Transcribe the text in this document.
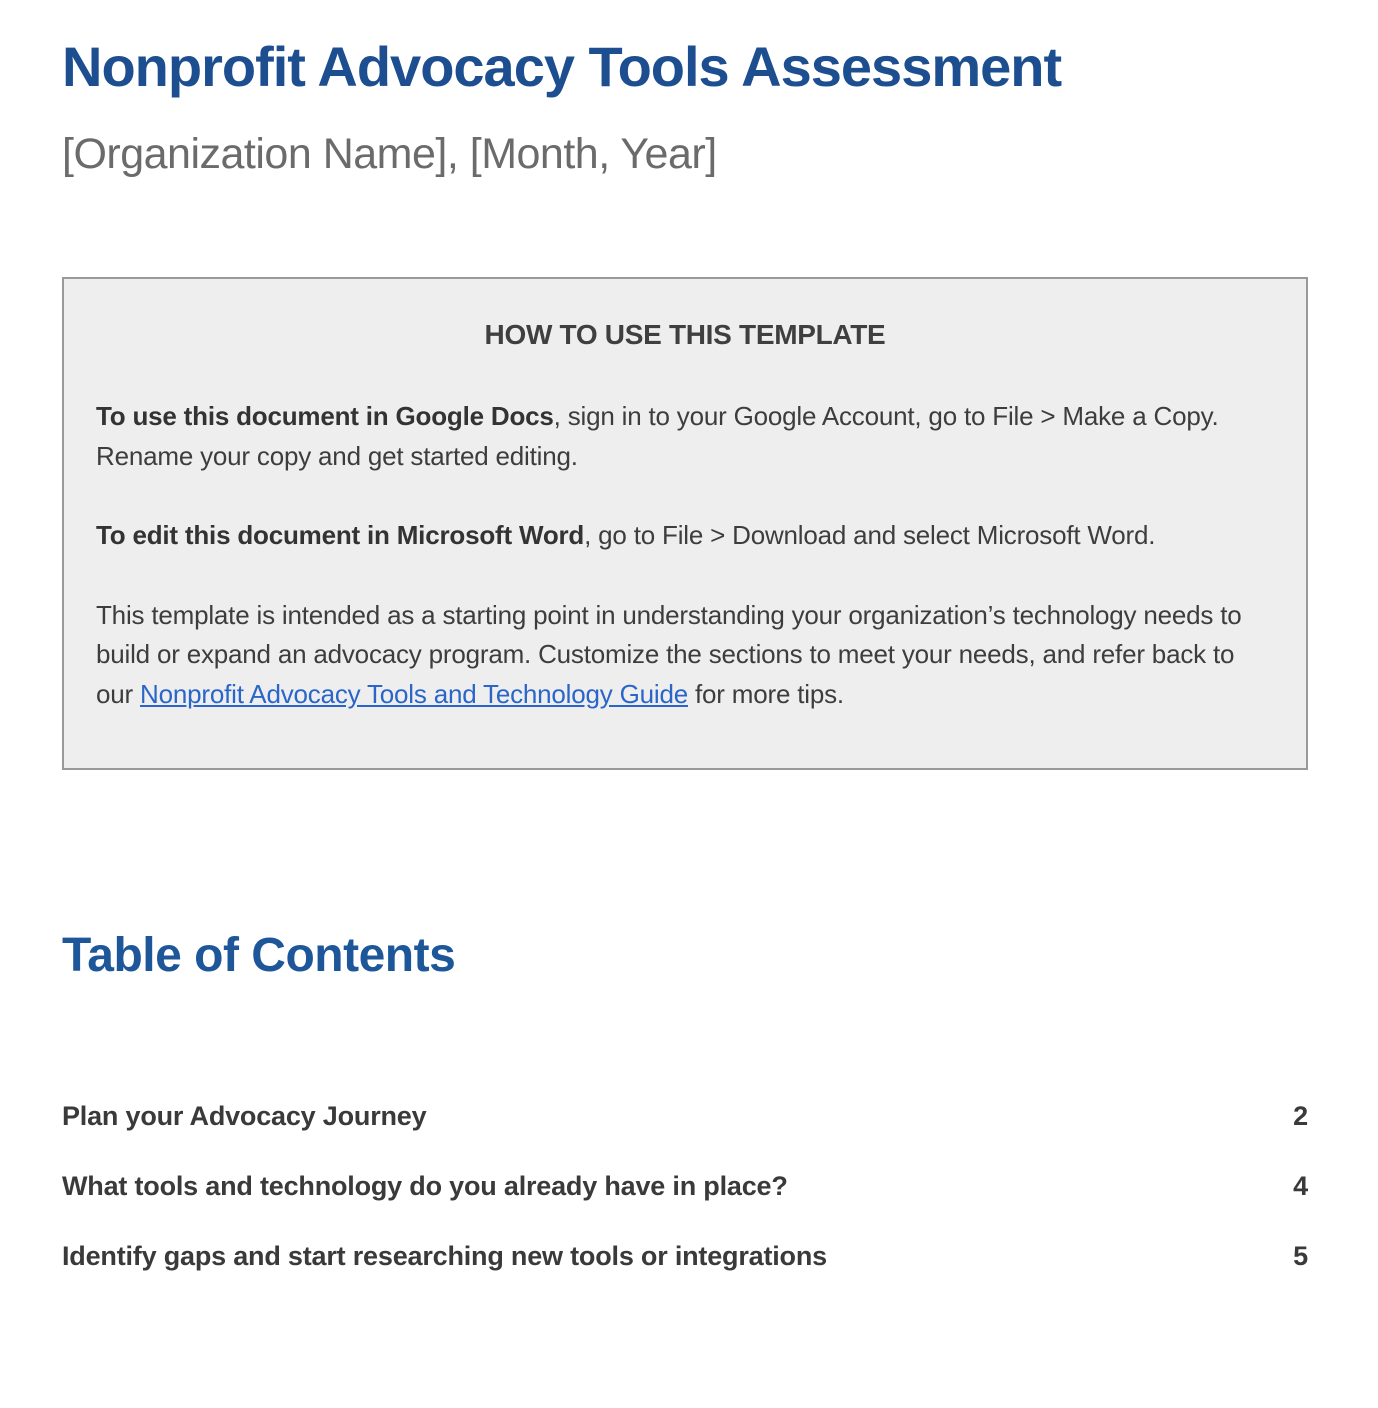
Nonprofit Advocacy Tools Assessment
[Organization Name], [Month, Year]
HOW TO USE THIS TEMPLATE

To use this document in Google Docs, sign in to your Google Account, go to File > Make a Copy. Rename your copy and get started editing.

To edit this document in Microsoft Word, go to File > Download and select Microsoft Word.

This template is intended as a starting point in understanding your organization’s technology needs to build or expand an advocacy program. Customize the sections to meet your needs, and refer back to our Nonprofit Advocacy Tools and Technology Guide for more tips.

Table of Contents
Plan your Advocacy Journey	2
What tools and technology do you already have in place?	4
Identify gaps and start researching new tools or integrations	5
